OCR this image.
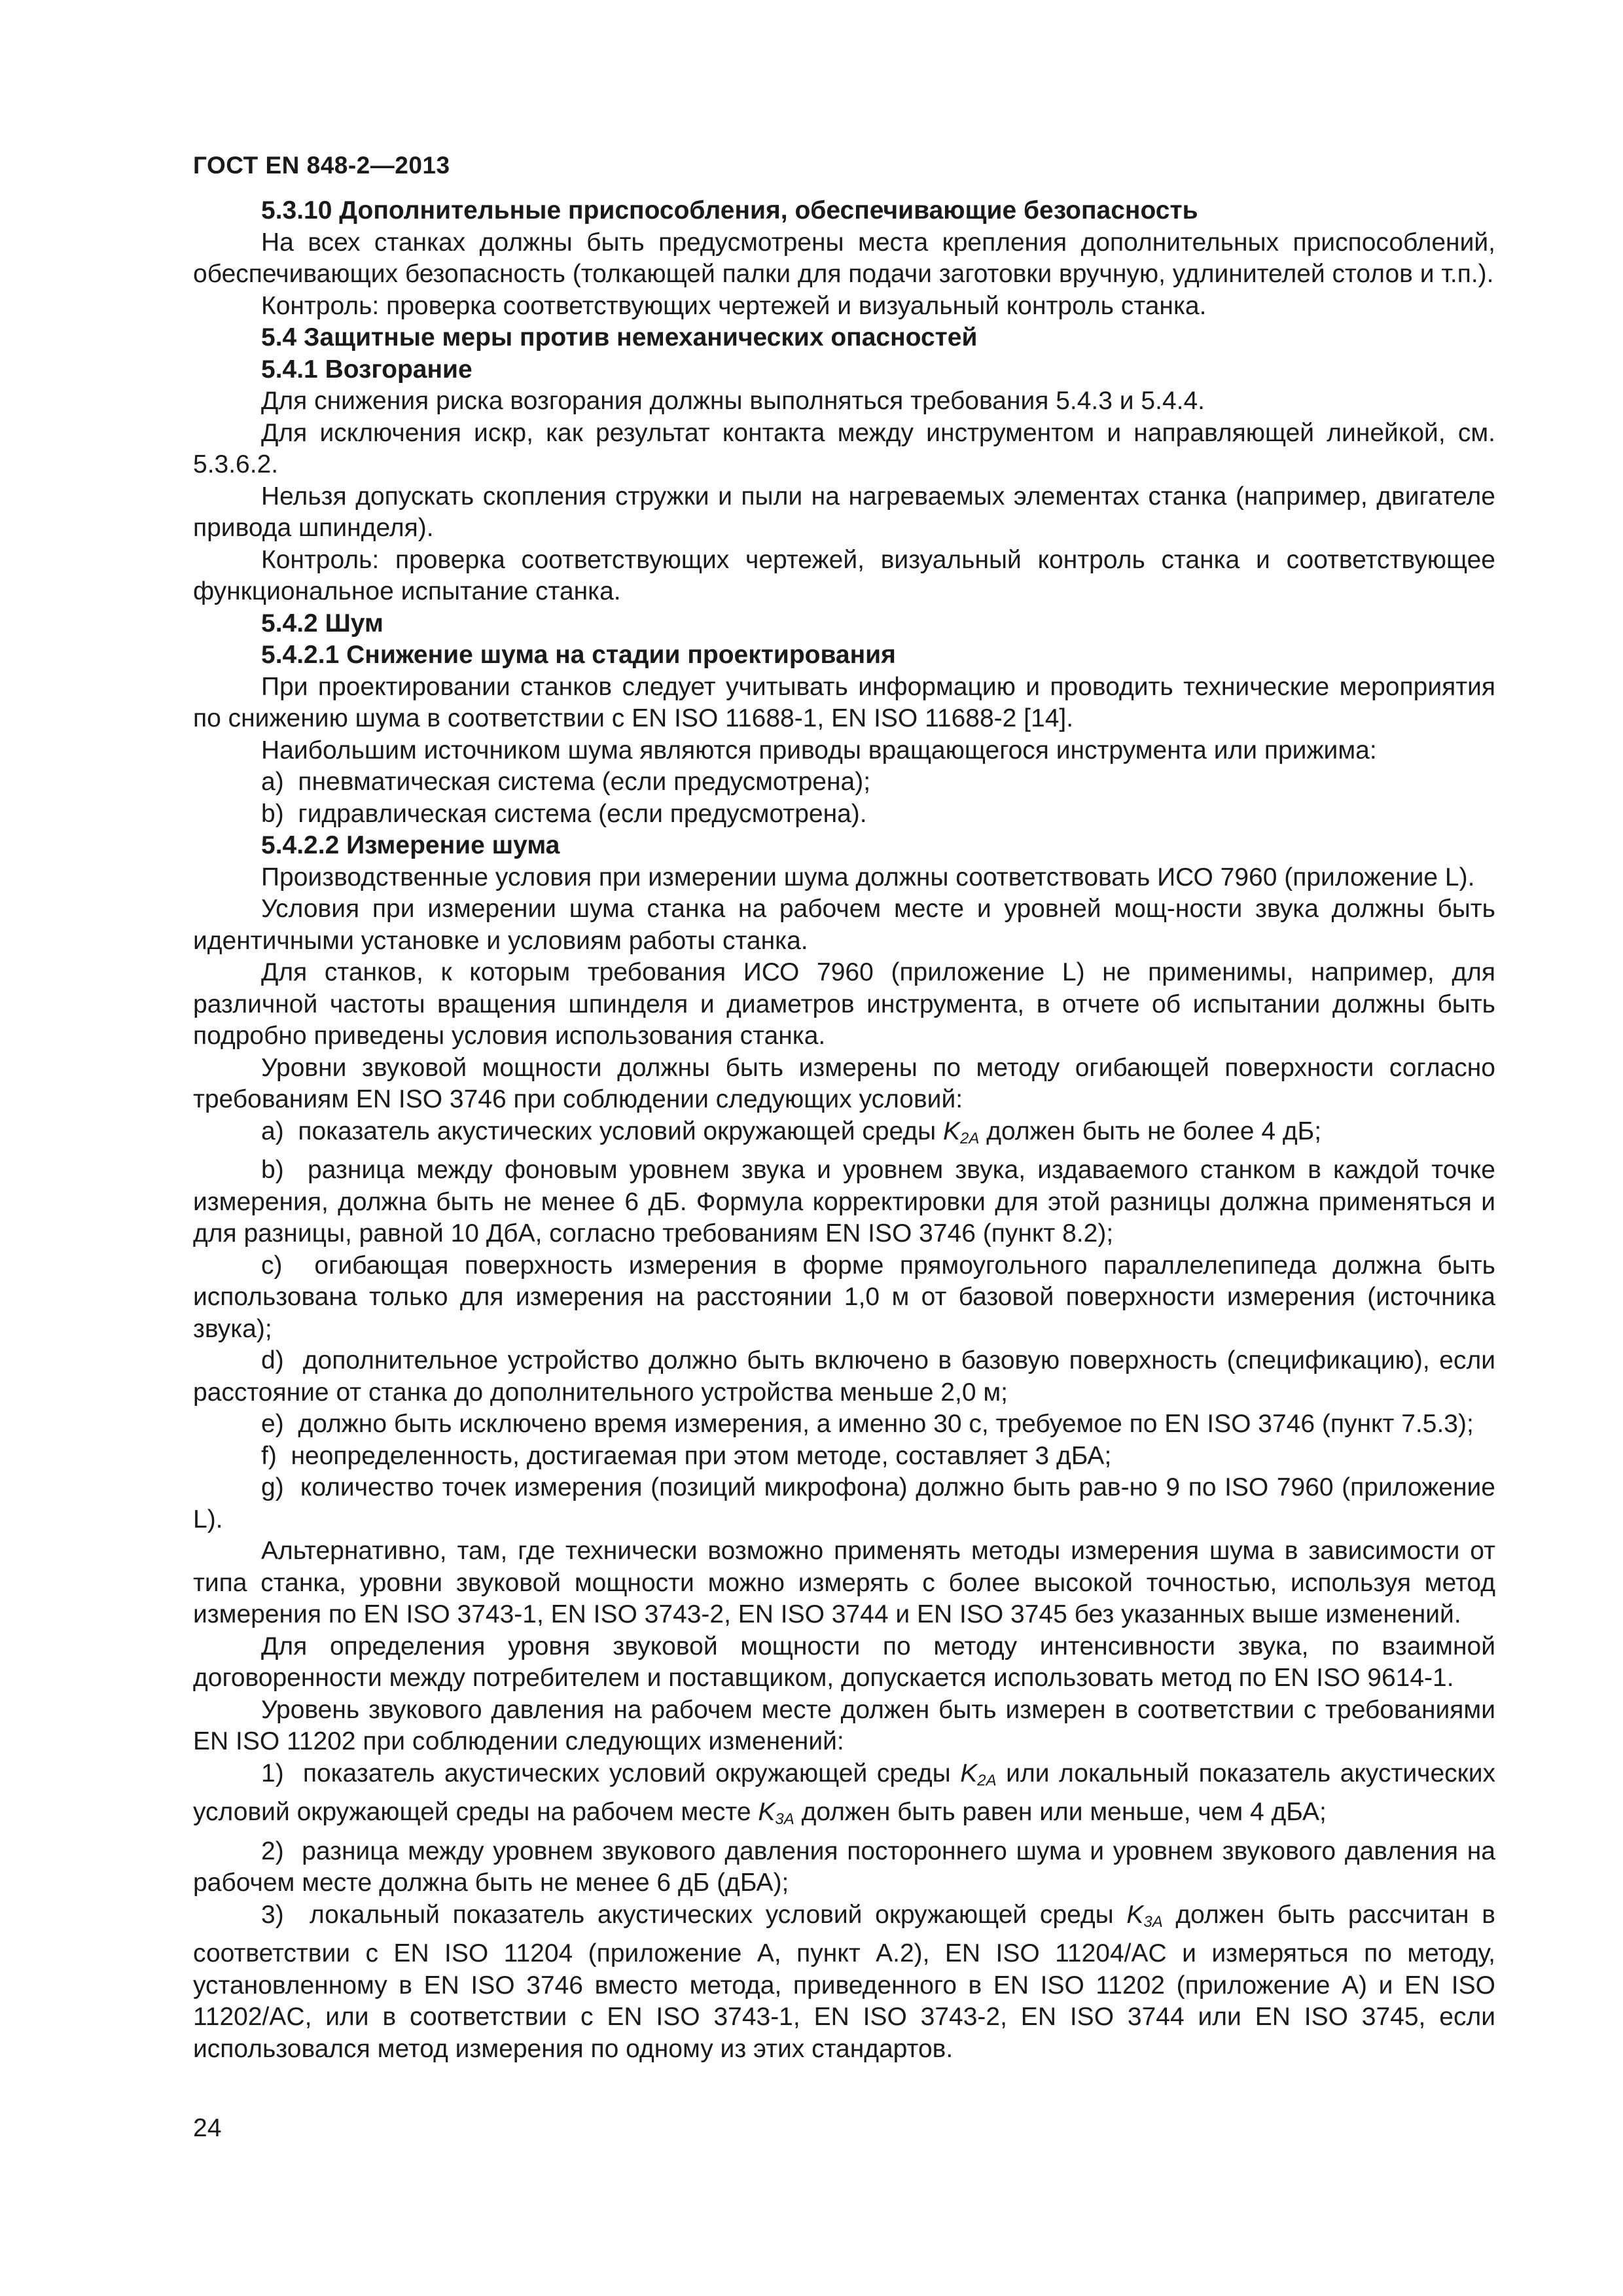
ГОСТ EN 848-2—2013

5.3.10 Дополнительные приспособления, обеспечивающие безопасность

На всех станках должны быть предусмотрены места крепления дополнительных приспособлений, обеспечивающих безопасность (толкающей палки для подачи заготовки вручную, удлинителей столов и т.п.).

Контроль: проверка соответствующих чертежей и визуальный контроль станка.

5.4 Защитные меры против немеханических опасностей

5.4.1 Возгорание

Для снижения риска возгорания должны выполняться требования 5.4.3 и 5.4.4.

Для исключения искр, как результат контакта между инструментом и направляющей линейкой, см. 5.3.6.2.

Нельзя допускать скопления стружки и пыли на нагреваемых элементах станка (например, двигателе привода шпинделя).

Контроль: проверка соответствующих чертежей, визуальный контроль станка и соответствующее функциональное испытание станка.

5.4.2 Шум

5.4.2.1 Снижение шума на стадии проектирования

При проектировании станков следует учитывать информацию и проводить технические мероприятия по снижению шума в соответствии с EN ISO 11688-1, EN ISO 11688-2 [14].

Наибольшим источником шума являются приводы вращающегося инструмента или прижима:

a)  пневматическая система (если предусмотрена);

b)  гидравлическая система (если предусмотрена).

5.4.2.2 Измерение шума

Производственные условия при измерении шума должны соответствовать ИСО 7960 (приложение L).

Условия при измерении шума станка на рабочем месте и уровней мощ-ности звука должны быть идентичными установке и условиям работы станка.

Для станков, к которым требования ИСО 7960 (приложение L) не применимы, например, для различной частоты вращения шпинделя и диаметров инструмента, в отчете об испытании должны быть подробно приведены условия использования станка.

Уровни звуковой мощности должны быть измерены по методу огибающей поверхности согласно требованиям EN ISO 3746 при соблюдении следующих условий:

a)  показатель акустических условий окружающей среды $K_{2A}$ должен быть не более 4 дБ;

b)  разница между фоновым уровнем звука и уровнем звука, издаваемого станком в каждой точке измерения, должна быть не менее 6 дБ. Формула корректировки для этой разницы должна применяться и для разницы, равной 10 ДбА, согласно требованиям EN ISO 3746 (пункт 8.2);

c)  огибающая поверхность измерения в форме прямоугольного параллелепипеда должна быть использована только для измерения на расстоянии 1,0 м от базовой поверхности измерения (источника звука);

d)  дополнительное устройство должно быть включено в базовую поверхность (спецификацию), если расстояние от станка до дополнительного устройства меньше 2,0 м;

e)  должно быть исключено время измерения, а именно 30 с, требуемое по EN ISO 3746 (пункт 7.5.3);

f)  неопределенность, достигаемая при этом методе, составляет 3 дБА;

g)  количество точек измерения (позиций микрофона) должно быть рав-но 9 по ISO 7960 (приложение L).

Альтернативно, там, где технически возможно применять методы измерения шума в зависимости от типа станка, уровни звуковой мощности можно измерять с более высокой точностью, используя метод измерения по EN ISO 3743-1, EN ISO 3743-2, EN ISO 3744 и EN ISO 3745 без указанных выше изменений.

Для определения уровня звуковой мощности по методу интенсивности звука, по взаимной договоренности между потребителем и поставщиком, допускается использовать метод по EN ISO 9614-1.

Уровень звукового давления на рабочем месте должен быть измерен в соответствии с требованиями EN ISO 11202 при соблюдении следующих изменений:

1)  показатель акустических условий окружающей среды $K_{2A}$ или локальный показатель акустических условий окружающей среды на рабочем месте $K_{3A}$ должен быть равен или меньше, чем 4 дБА;

2)  разница между уровнем звукового давления постороннего шума и уровнем звукового давления на рабочем месте должна быть не менее 6 дБ (дБА);

3)  локальный показатель акустических условий окружающей среды $K_{3A}$ должен быть рассчитан в соответствии с EN ISO 11204 (приложение A, пункт A.2), EN ISO 11204/AC и измеряться по методу, установленному в EN ISO 3746 вместо метода, приведенного в EN ISO 11202 (приложение A) и EN ISO 11202/AC, или в соответствии с EN ISO 3743-1, EN ISO 3743-2, EN ISO 3744 или EN ISO 3745, если использовался метод измерения по одному из этих стандартов.

24
